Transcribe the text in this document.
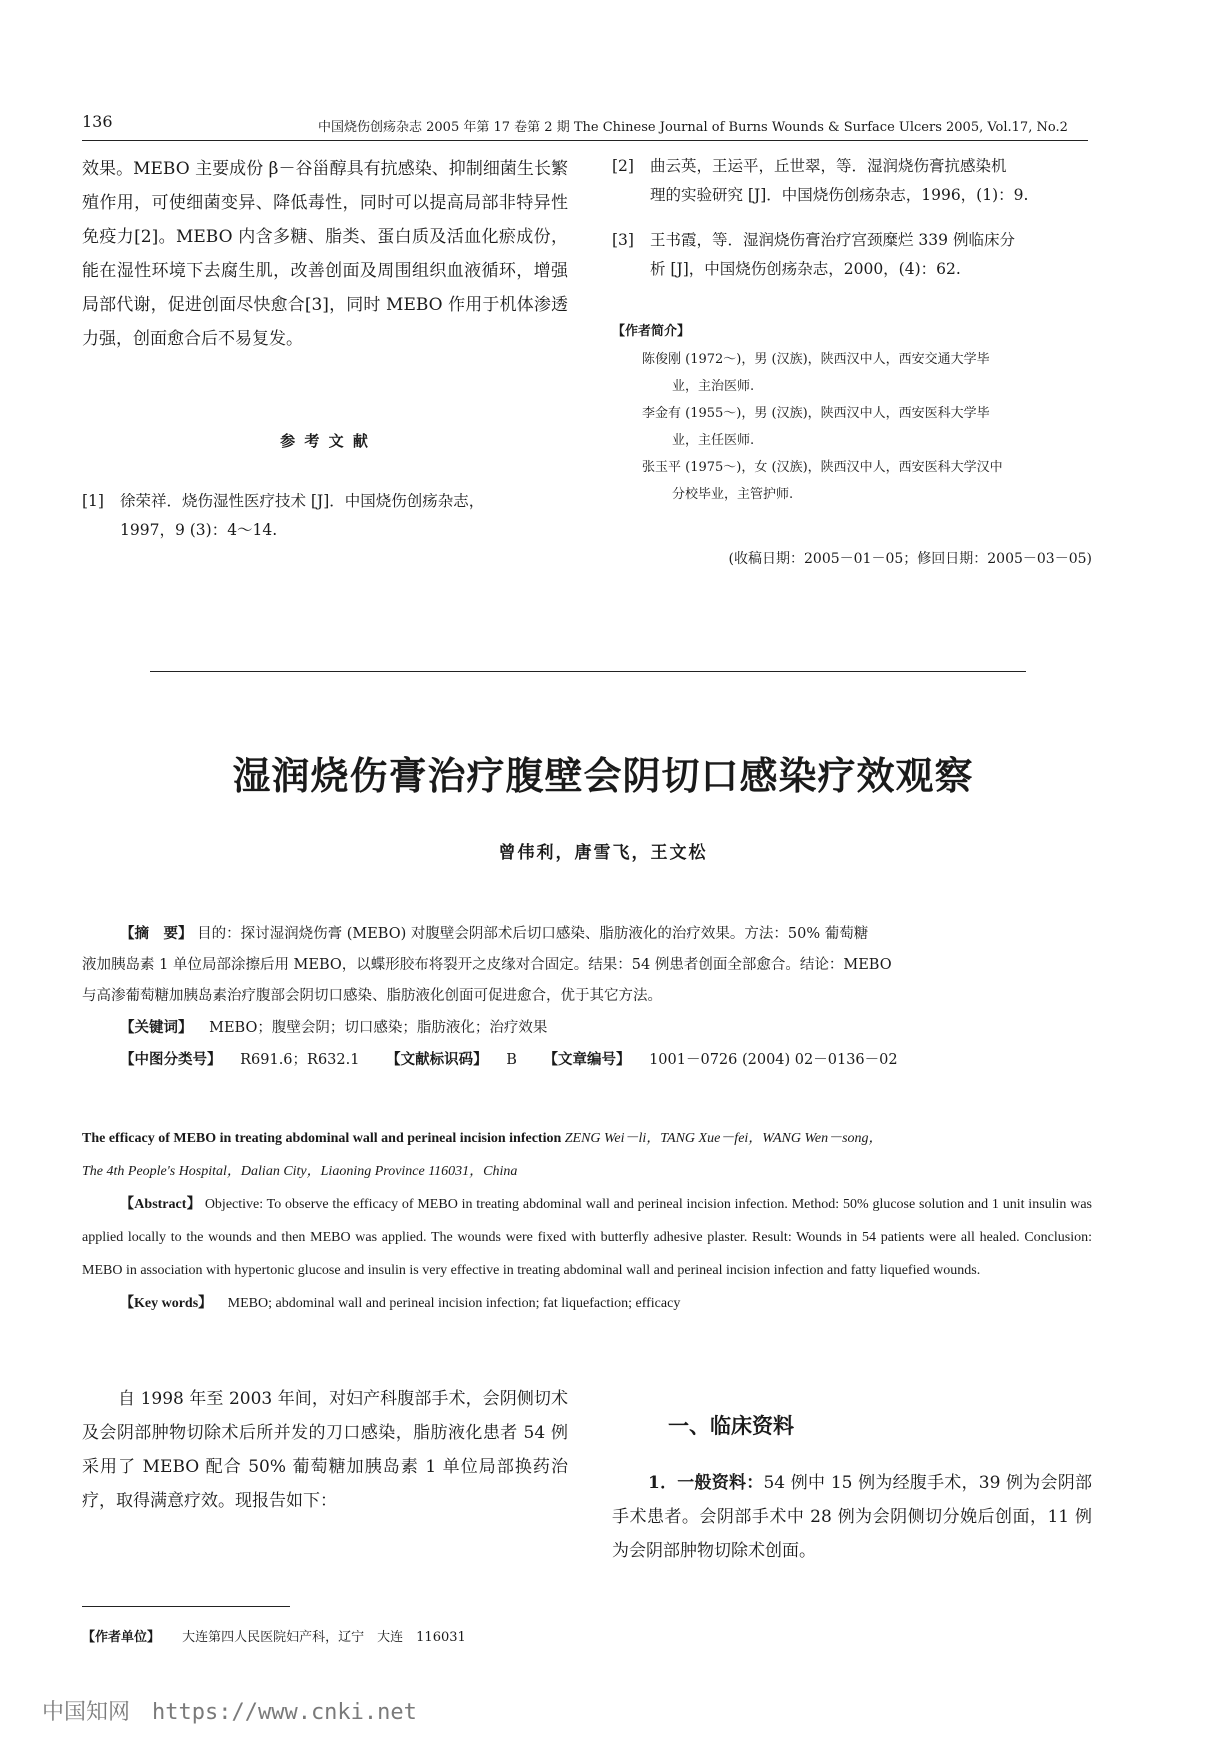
136	中国烧伤创疡杂志 2005 年第 17 卷第 2 期 The Chinese Journal of Burns Wounds & Surface Ulcers 2005, Vol.17, No.2
效果。MEBO 主要成份 β－谷甾醇具有抗感染、抑制细菌生长繁殖作用，可使细菌变异、降低毒性，同时可以提高局部非特异性免疫力[2]。MEBO 内含多糖、脂类、蛋白质及活血化瘀成份，能在湿性环境下去腐生肌，改善创面及周围组织血液循环，增强局部代谢，促进创面尽快愈合[3]，同时 MEBO 作用于机体渗透力强，创面愈合后不易复发。
参 考 文 献
[1] 徐荣祥．烧伤湿性医疗技术 [J]．中国烧伤创疡杂志，
1997，9 (3)：4～14.
[2] 曲云英，王运平，丘世翠，等．湿润烧伤膏抗感染机
理的实验研究 [J]．中国烧伤创疡杂志，1996，(1)：9.
[3] 王书霞，等．湿润烧伤膏治疗宫颈糜烂 339 例临床分
析 [J]，中国烧伤创疡杂志，2000，(4)：62.
【作者简介】
陈俊刚 (1972～)，男 (汉族)，陕西汉中人，西安交通大学毕
业，主治医师.
李金有 (1955～)，男 (汉族)，陕西汉中人，西安医科大学毕
业，主任医师.
张玉平 (1975～)，女 (汉族)，陕西汉中人，西安医科大学汉中
分校毕业，主管护师.
(收稿日期：2005－01－05；修回日期：2005－03－05)
湿润烧伤膏治疗腹壁会阴切口感染疗效观察
曾伟利，唐雪飞，王文松
【摘　要】 目的：探讨湿润烧伤膏 (MEBO) 对腹壁会阴部术后切口感染、脂肪液化的治疗效果。方法：50% 葡萄糖
液加胰岛素 1 单位局部涂擦后用 MEBO，以蝶形胶布将裂开之皮缘对合固定。结果：54 例患者创面全部愈合。结论：MEBO
与高渗葡萄糖加胰岛素治疗腹部会阴切口感染、脂肪液化创面可促进愈合，优于其它方法。
【关键词】 MEBO；腹壁会阴；切口感染；脂肪液化；治疗效果
【中图分类号】 R691.6；R632.1 【文献标识码】 B 【文章编号】 1001－0726 (2004) 02－0136－02
The efficacy of MEBO in treating abdominal wall and perineal incision infection ZENG Wei－li，TANG Xue－fei，WANG Wen－song，
The 4th People's Hospital，Dalian City，Liaoning Province 116031，China
【Abstract】 Objective: To observe the efficacy of MEBO in treating abdominal wall and perineal incision infection. Method: 50% glucose solution and 1 unit insulin was applied locally to the wounds and then MEBO was applied. The wounds were fixed with butterfly adhesive plaster. Result: Wounds in 54 patients were all healed. Conclusion: MEBO in association with hypertonic glucose and insulin is very effective in treating abdominal wall and perineal incision infection and fatty liquefied wounds.
【Key words】 MEBO; abdominal wall and perineal incision infection; fat liquefaction; efficacy
自 1998 年至 2003 年间，对妇产科腹部手术，会阴侧切术及会阴部肿物切除术后所并发的刀口感染，脂肪液化患者 54 例采用了 MEBO 配合 50% 葡萄糖加胰岛素 1 单位局部换药治疗，取得满意疗效。现报告如下：
一、临床资料
1．一般资料：54 例中 15 例为经腹手术，39 例为会阴部手术患者。会阴部手术中 28 例为会阴侧切分娩后创面，11 例为会阴部肿物切除术创面。
【作者单位】 大连第四人民医院妇产科，辽宁　大连　116031
中国知网　https://www.cnki.net
